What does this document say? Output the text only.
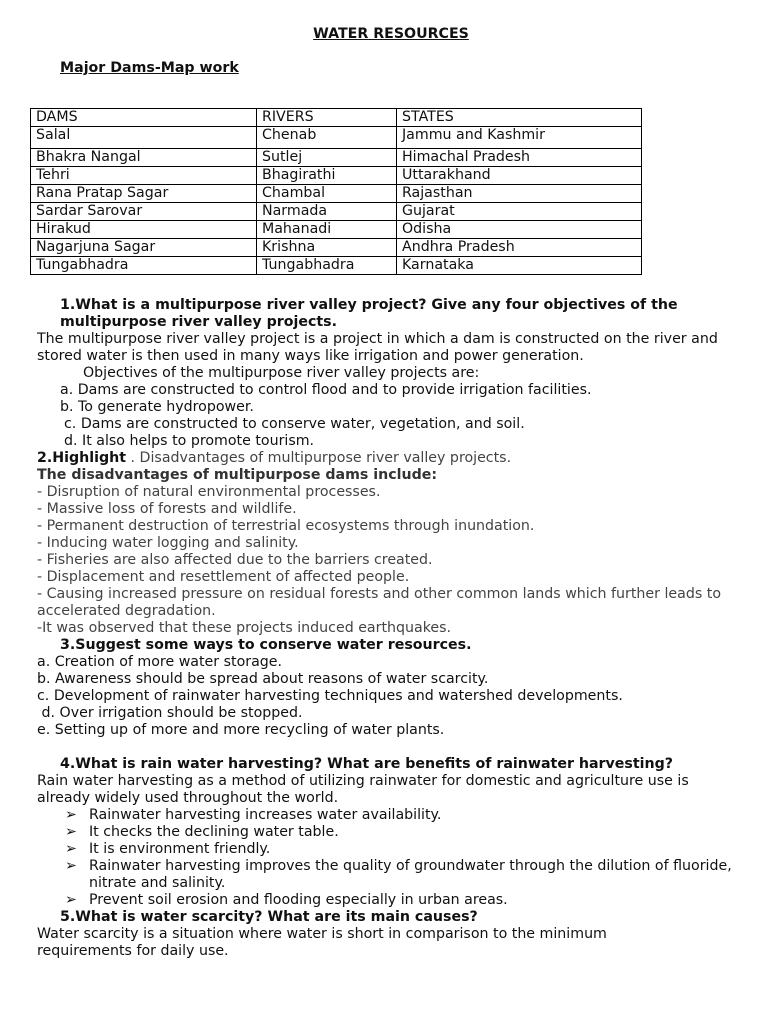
WATER RESOURCES
Major Dams-Map work
DAMS	RIVERS	STATES
Salal	Chenab	Jammu and Kashmir
Bhakra Nangal	Sutlej	Himachal Pradesh
Tehri	Bhagirathi	Uttarakhand
Rana Pratap Sagar	Chambal	Rajasthan
Sardar Sarovar	Narmada	Gujarat
Hirakud	Mahanadi	Odisha
Nagarjuna Sagar	Krishna	Andhra Pradesh
Tungabhadra	Tungabhadra	Karnataka
1.What is a multipurpose river valley project? Give any four objectives of the multipurpose river valley projects.
The multipurpose river valley project is a project in which a dam is constructed on the river and stored water is then used in many ways like irrigation and power generation.
Objectives of the multipurpose river valley projects are:
a. Dams are constructed to control flood and to provide irrigation facilities.
b. To generate hydropower.
c. Dams are constructed to conserve water, vegetation, and soil.
d. It also helps to promote tourism.
2.Highlight . Disadvantages of multipurpose river valley projects.
The disadvantages of multipurpose dams include:
- Disruption of natural environmental processes.
- Massive loss of forests and wildlife.
- Permanent destruction of terrestrial ecosystems through inundation.
- Inducing water logging and salinity.
- Fisheries are also affected due to the barriers created.
- Displacement and resettlement of affected people.
- Causing increased pressure on residual forests and other common lands which further leads to accelerated degradation.
-It was observed that these projects induced earthquakes.
3.Suggest some ways to conserve water resources.
a. Creation of more water storage.
b. Awareness should be spread about reasons of water scarcity.
c. Development of rainwater harvesting techniques and watershed developments.
d. Over irrigation should be stopped.
e. Setting up of more and more recycling of water plants.
4.What is rain water harvesting? What are benefits of rainwater harvesting?
Rain water harvesting as a method of utilizing rainwater for domestic and agriculture use is already widely used throughout the world.
➢ Rainwater harvesting increases water availability.
➢ It checks the declining water table.
➢ It is environment friendly.
➢ Rainwater harvesting improves the quality of groundwater through the dilution of fluoride, nitrate and salinity.
➢ Prevent soil erosion and flooding especially in urban areas.
5.What is water scarcity? What are its main causes?
Water scarcity is a situation where water is short in comparison to the minimum requirements for daily use.
